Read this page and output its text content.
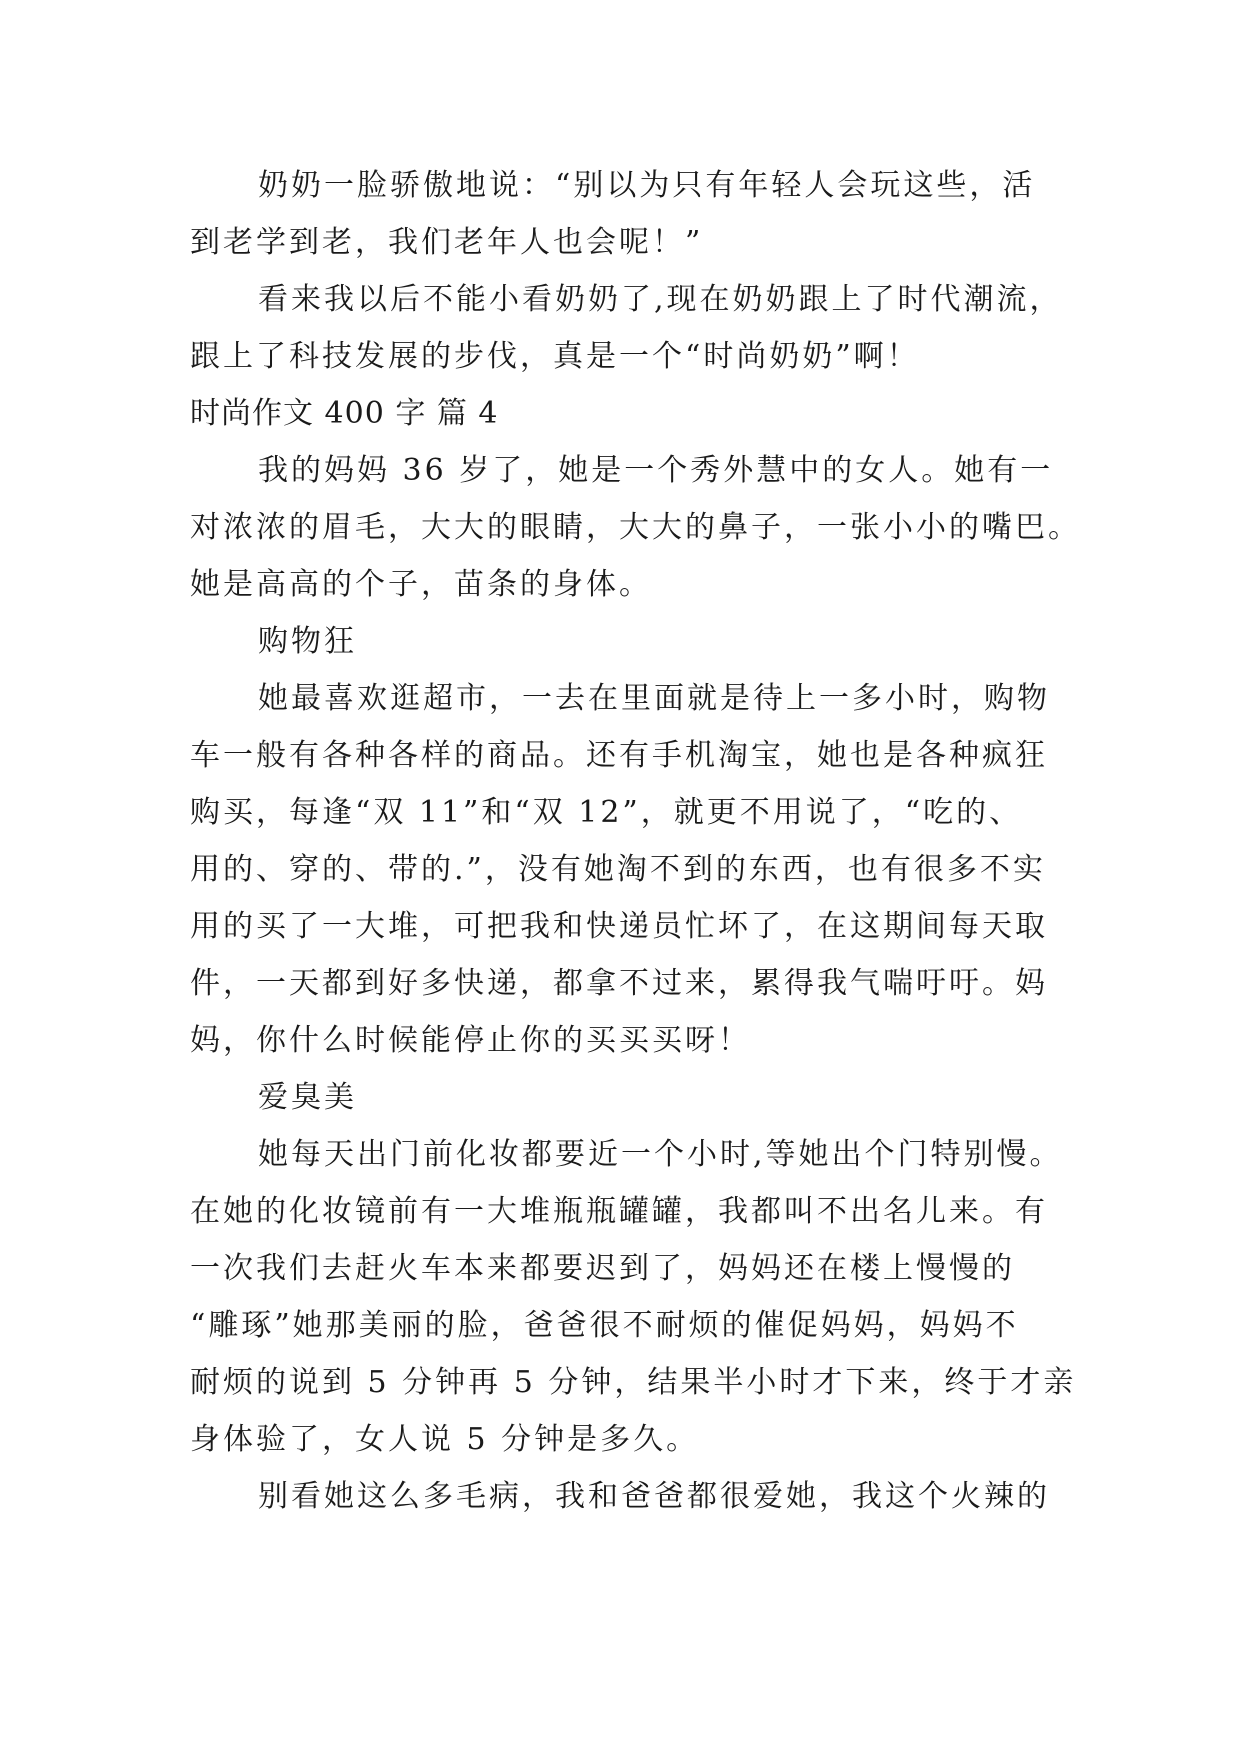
奶奶一脸骄傲地说：“别以为只有年轻人会玩这些，活
到老学到老，我们老年人也会呢！”
看来我以后不能小看奶奶了,现在奶奶跟上了时代潮流，
跟上了科技发展的步伐，真是一个“时尚奶奶”啊！
时尚作文 400 字 篇 4
我的妈妈 36 岁了，她是一个秀外慧中的女人。她有一
对浓浓的眉毛，大大的眼睛，大大的鼻子，一张小小的嘴巴。
她是高高的个子，苗条的身体。
购物狂
她最喜欢逛超市，一去在里面就是待上一多小时，购物
车一般有各种各样的商品。还有手机淘宝，她也是各种疯狂
购买，每逢“双 11”和“双 12”，就更不用说了，“吃的、
用的、穿的、带的.”，没有她淘不到的东西，也有很多不实
用的买了一大堆，可把我和快递员忙坏了，在这期间每天取
件，一天都到好多快递，都拿不过来，累得我气喘吁吁。妈
妈，你什么时候能停止你的买买买呀！
爱臭美
她每天出门前化妆都要近一个小时,等她出个门特别慢。
在她的化妆镜前有一大堆瓶瓶罐罐，我都叫不出名儿来。有
一次我们去赶火车本来都要迟到了，妈妈还在楼上慢慢的
“雕琢”她那美丽的脸，爸爸很不耐烦的催促妈妈，妈妈不
耐烦的说到 5 分钟再 5 分钟，结果半小时才下来，终于才亲
身体验了，女人说 5 分钟是多久。
别看她这么多毛病，我和爸爸都很爱她，我这个火辣的
